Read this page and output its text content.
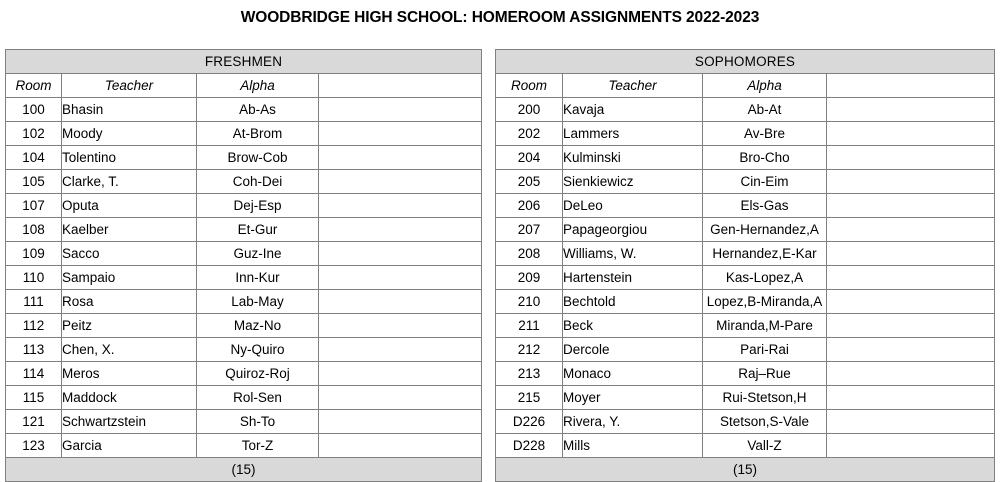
WOODBRIDGE HIGH SCHOOL: HOMEROOM ASSIGNMENTS 2022-2023
FRESHMEN			
Room	Teacher	Alpha	
100	Bhasin	Ab-As	
102	Moody	At-Brom	
104	Tolentino	Brow-Cob	
105	Clarke, T.	Coh-Dei	
107	Oputa	Dej-Esp	
108	Kaelber	Et-Gur	
109	Sacco	Guz-Ine	
110	Sampaio	Inn-Kur	
111	Rosa	Lab-May	
112	Peitz	Maz-No	
113	Chen, X.	Ny-Quiro	
114	Meros	Quiroz-Roj	
115	Maddock	Rol-Sen	
121	Schwartzstein	Sh-To	
123	Garcia	Tor-Z	
(15)			
SOPHOMORES			
Room	Teacher	Alpha	
200	Kavaja	Ab-At	
202	Lammers	Av-Bre	
204	Kulminski	Bro-Cho	
205	Sienkiewicz	Cin-Eim	
206	DeLeo	Els-Gas	
207	Papageorgiou	Gen-Hernandez,A	
208	Williams, W.	Hernandez,E-Kar	
209	Hartenstein	Kas-Lopez,A	
210	Bechtold	Lopez,B-Miranda,A	
211	Beck	Miranda,M-Pare	
212	Dercole	Pari-Rai	
213	Monaco	Raj–Rue	
215	Moyer	Rui-Stetson,H	
D226	Rivera, Y.	Stetson,S-Vale	
D228	Mills	Vall-Z	
(15)			
